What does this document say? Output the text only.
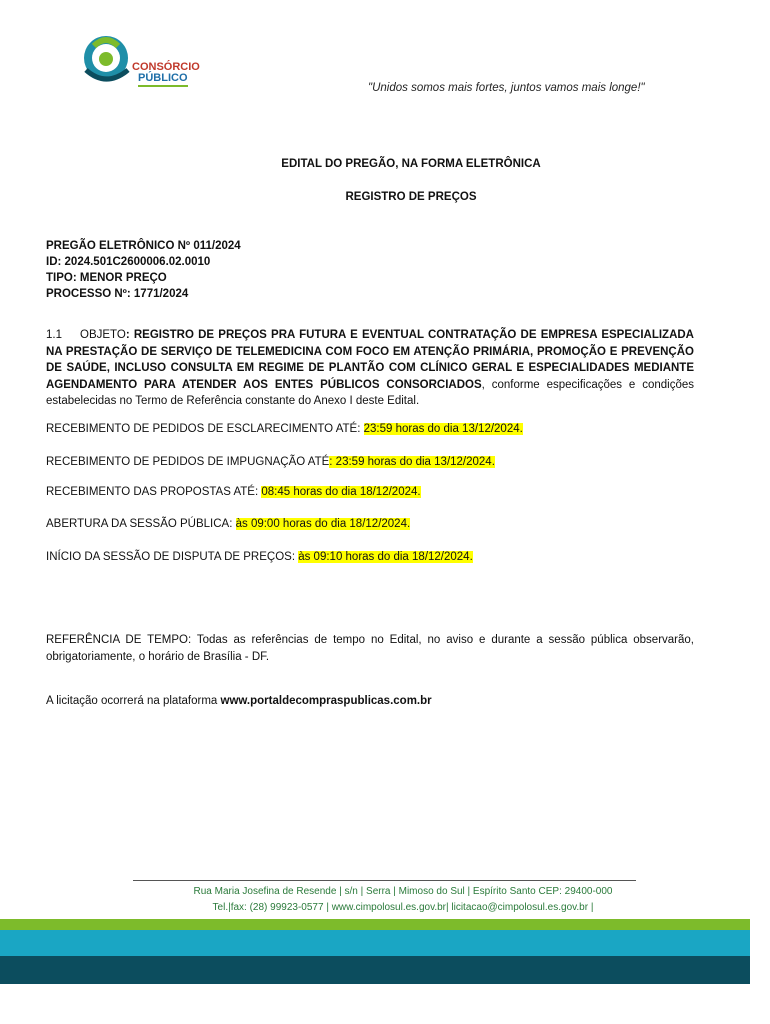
CONSÓRCIO
PÚBLICO
"Unidos somos mais fortes, juntos vamos mais longe!"
EDITAL DO PREGÃO, NA FORMA ELETRÔNICA
REGISTRO DE PREÇOS
PREGÃO ELETRÔNICO Nº 011/2024
ID: 2024.501C2600006.02.0010
TIPO: MENOR PREÇO
PROCESSO Nº: 1771/2024
1.1 OBJETO: REGISTRO DE PREÇOS PRA FUTURA E EVENTUAL CONTRATAÇÃO DE EMPRESA ESPECIALIZADA NA PRESTAÇÃO DE SERVIÇO DE TELEMEDICINA COM FOCO EM ATENÇÃO PRIMÁRIA, PROMOÇÃO E PREVENÇÃO DE SAÚDE, INCLUSO CONSULTA EM REGIME DE PLANTÃO COM CLÍNICO GERAL E ESPECIALIDADES MEDIANTE AGENDAMENTO PARA ATENDER AOS ENTES PÚBLICOS CONSORCIADOS, conforme especificações e condições estabelecidas no Termo de Referência constante do Anexo I deste Edital.
RECEBIMENTO DE PEDIDOS DE ESCLARECIMENTO ATÉ: 23:59 horas do dia 13/12/2024.
RECEBIMENTO DE PEDIDOS DE IMPUGNAÇÃO ATÉ: 23:59 horas do dia 13/12/2024.
RECEBIMENTO DAS PROPOSTAS ATÉ: 08:45 horas do dia 18/12/2024.
ABERTURA DA SESSÃO PÚBLICA: às 09:00 horas do dia 18/12/2024.
INÍCIO DA SESSÃO DE DISPUTA DE PREÇOS: às 09:10 horas do dia 18/12/2024.
REFERÊNCIA DE TEMPO: Todas as referências de tempo no Edital, no aviso e durante a sessão pública observarão, obrigatoriamente, o horário de Brasília - DF.
A licitação ocorrerá na plataforma www.portaldecompraspublicas.com.br
Rua Maria Josefina de Resende | s/n | Serra | Mimoso do Sul | Espírito Santo CEP: 29400-000
Tel.|fax: (28) 99923-0577 | www.cimpolosul.es.gov.br| licitacao@cimpolosul.es.gov.br |
